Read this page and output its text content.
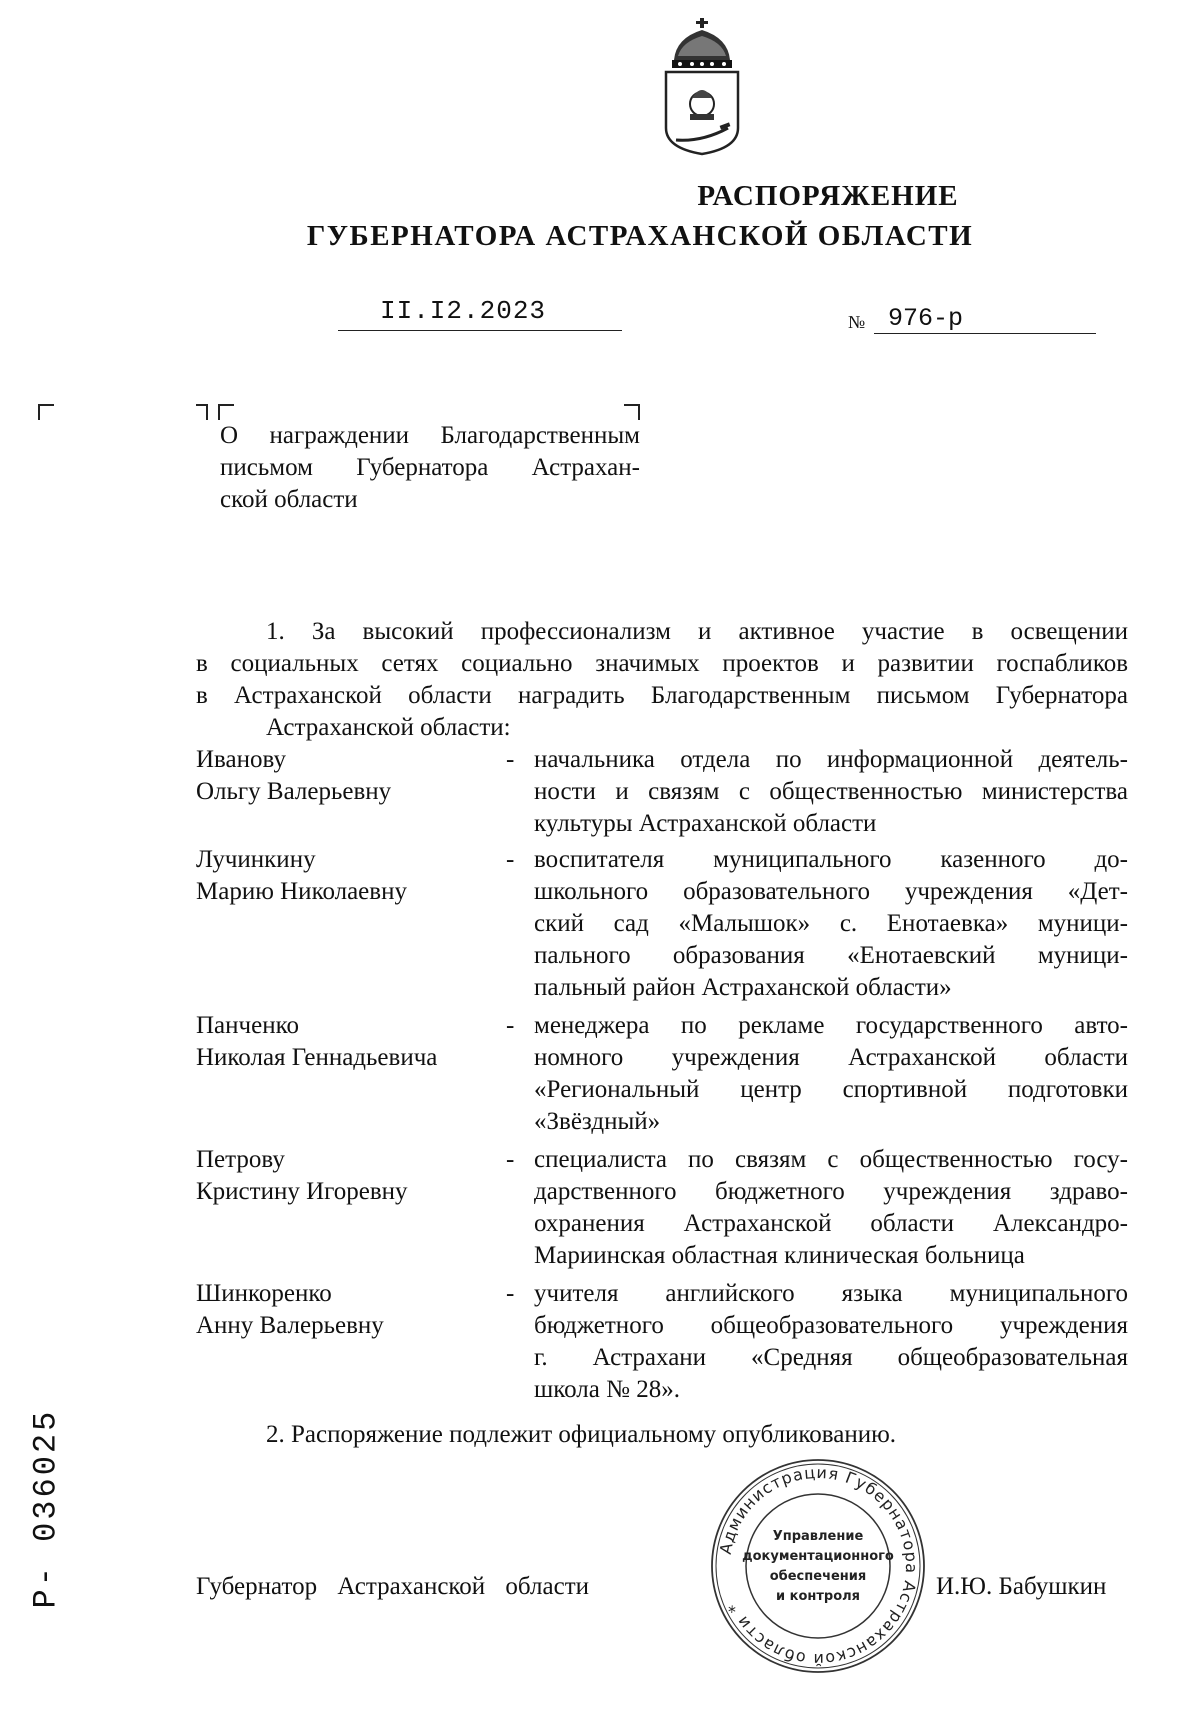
РАСПОРЯЖЕНИЕ
ГУБЕРНАТОРА АСТРАХАНСКОЙ ОБЛАСТИ
II.I2.2023	№ 976-р

О награждении Благодарственным

письмом Губернатора Астрахан-

ской области

1. За высокий профессионализм и активное участие в освещении
в социальных сетях социально значимых проектов и развитии госпабликов
в Астраханской области наградить Благодарственным письмом Губернатора
Астраханской области:
Иванову
Ольгу Валерьевну
- начальника отдела по информационной деятель-
ности и связям с общественностью министерства
культуры Астраханской области
Лучинкину
Марию Николаевну
- воспитателя муниципального казенного до-
школьного образовательного учреждения «Дет-
ский сад «Малышок» с. Енотаевка» муници-
пального образования «Енотаевский муници-
пальный район Астраханской области»
Панченко
Николая Геннадьевича
- менеджера по рекламе государственного авто-
номного учреждения Астраханской области
«Региональный центр спортивной подготовки
«Звёздный»
Петрову
Кристину Игоревну
- специалиста по связям с общественностью госу-
дарственного бюджетного учреждения здраво-
охранения Астраханской области Александро-
Мариинская областная клиническая больница
Шинкоренко
Анну Валерьевну
- учителя английского языка муниципального
бюджетного общеобразовательного учреждения
г. Астрахани «Средняя общеобразовательная
школа № 28».
2. Распоряжение подлежит официальному опубликованию.
Губернатор Астраханской области	И.Ю. Бабушкин
Администрация Губернатора Астраханской области *
Управление
документационного
обеспечения
и контроля
Р- 036025
